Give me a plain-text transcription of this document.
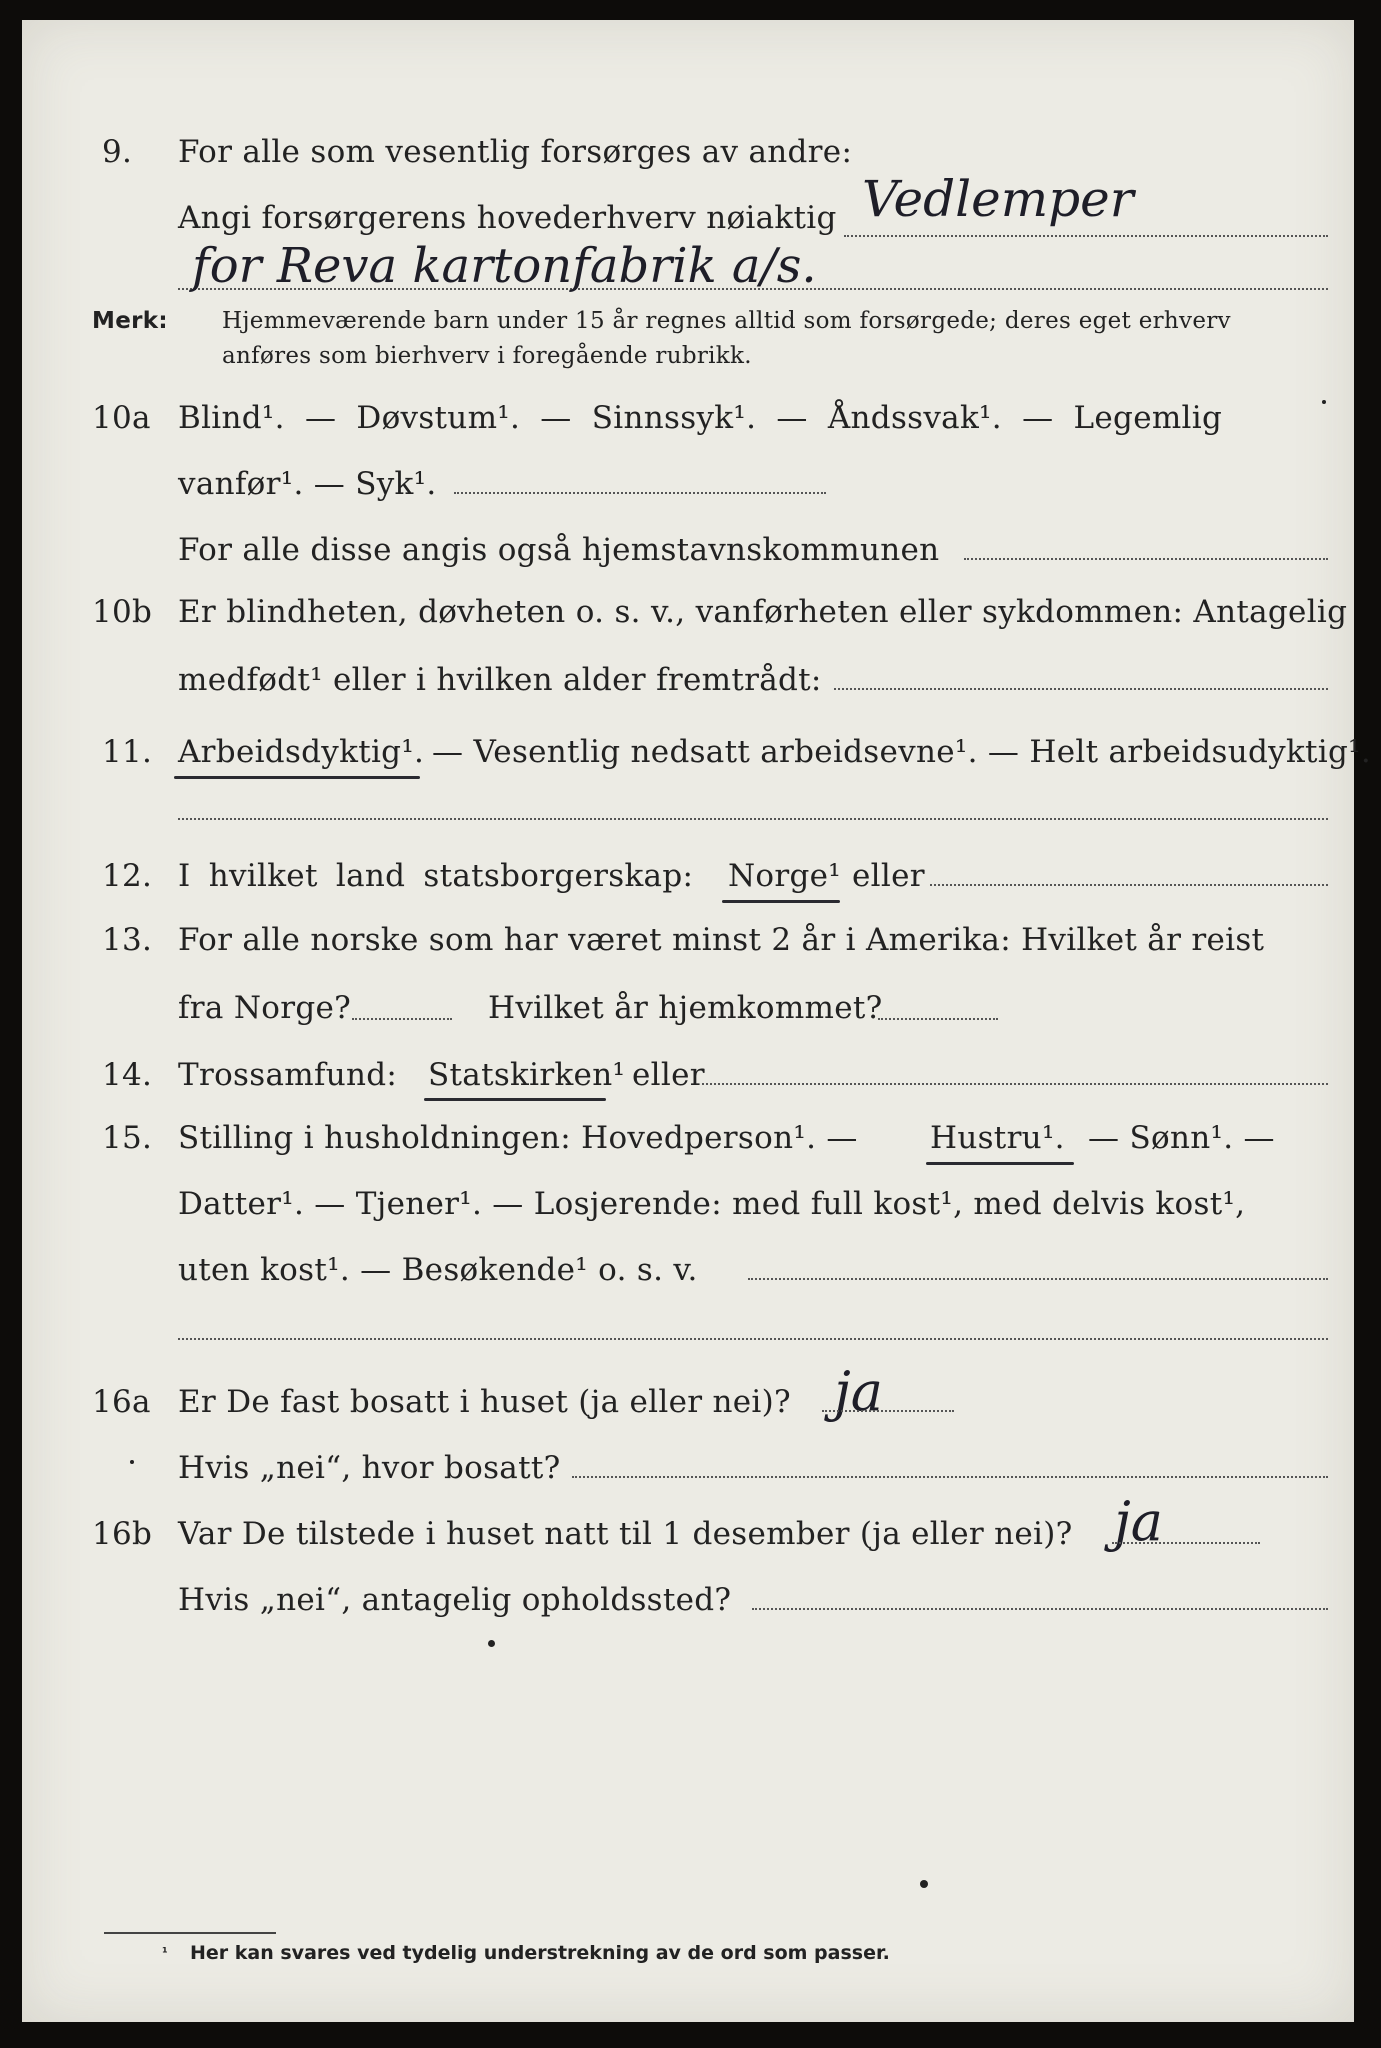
9.	For alle som vesentlig forsørges av andre:
Angi forsørgerens hovederhverv nøiaktig Vedlemper
for Reva kartonfabrik a/s.
Merk: Hjemmeværende barn under 15 år regnes alltid som forsørgede; deres eget erhverv
anføres som bierhverv i foregående rubrikk.
10a Blind¹. — Døvstum¹. — Sinnssyk¹. — Åndssvak¹. — Legemlig
vanfør¹. — Syk¹.
For alle disse angis også hjemstavnskommunen
10b Er blindheten, døvheten o. s. v., vanførheten eller sykdommen: Antagelig
medfødt¹ eller i hvilken alder fremtrådt:
11. Arbeidsdyktig¹. — Vesentlig nedsatt arbeidsevne¹. — Helt arbeidsudyktig¹.
12. I hvilket land statsborgerskap: Norge¹ eller
13. For alle norske som har været minst 2 år i Amerika: Hvilket år reist
fra Norge?	Hvilket år hjemkommet?
14. Trossamfund: Statskirken¹ eller
15. Stilling i husholdningen: Hovedperson¹. — Hustru¹. — Sønn¹. —
Datter¹. — Tjener¹. — Losjerende: med full kost¹, med delvis kost¹,
uten kost¹. — Besøkende¹ o. s. v.
16a Er De fast bosatt i huset (ja eller nei)? ja
Hvis „nei“, hvor bosatt?
16b Var De tilstede i huset natt til 1 desember (ja eller nei)? ja
Hvis „nei“, antagelig opholdssted?
¹ Her kan svares ved tydelig understrekning av de ord som passer.
